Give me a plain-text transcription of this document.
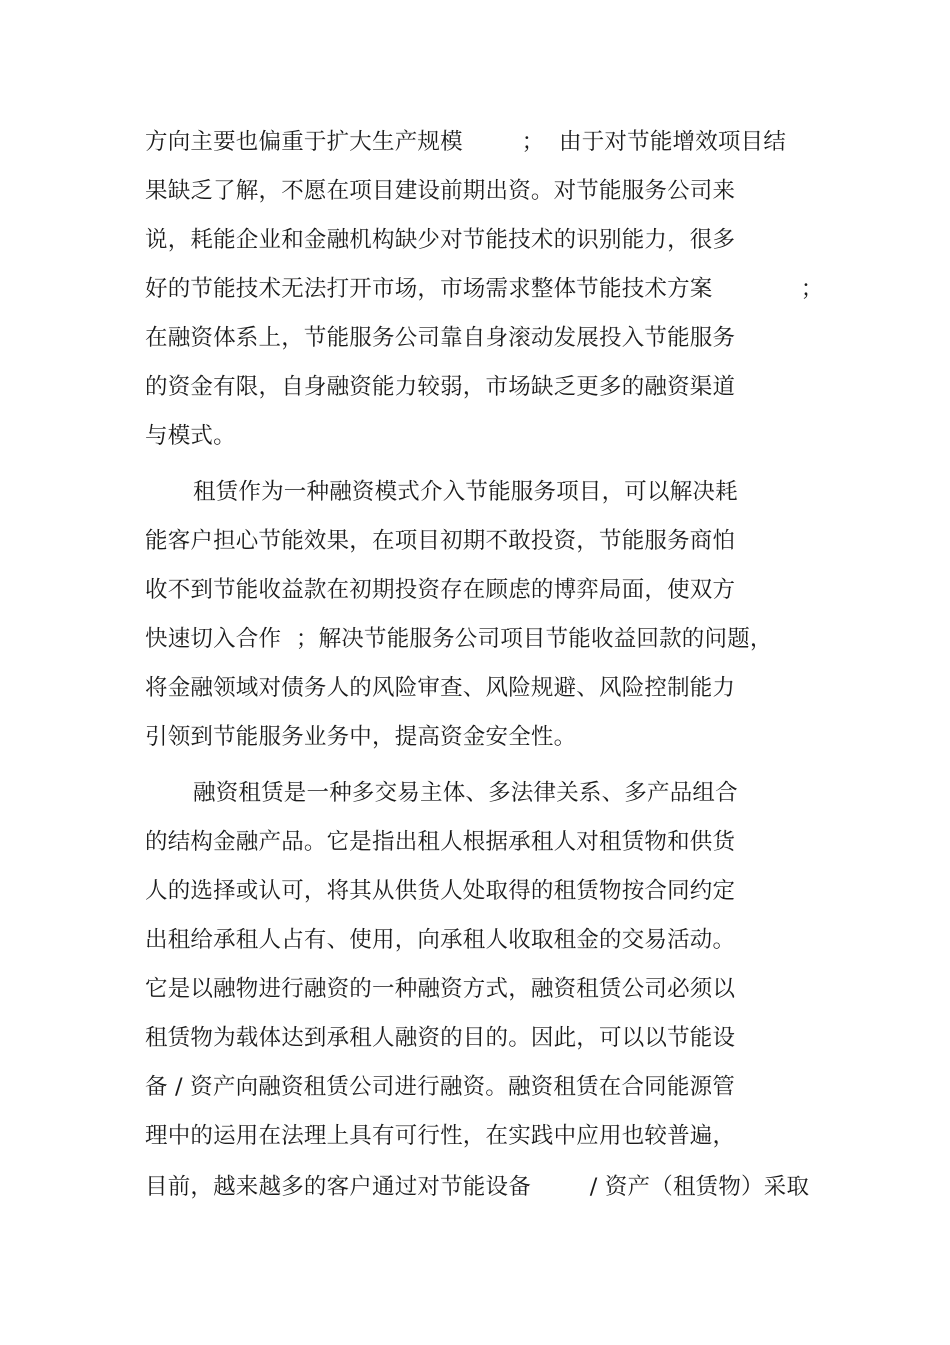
方向主要也偏重于扩大生产规模        ；  由于对节能增效项目结
果缺乏了解，不愿在项目建设前期出资。对节能服务公司来
说，耗能企业和金融机构缺少对节能技术的识别能力，很多
好的节能技术无法打开市场，市场需求整体节能技术方案            ；
在融资体系上，节能服务公司靠自身滚动发展投入节能服务
的资金有限，自身融资能力较弱，市场缺乏更多的融资渠道
与模式。
租赁作为一种融资模式介入节能服务项目，可以解决耗
能客户担心节能效果，在项目初期不敢投资，节能服务商怕
收不到节能收益款在初期投资存在顾虑的博弈局面，使双方
快速切入合作  ；解决节能服务公司项目节能收益回款的问题，
将金融领域对债务人的风险审查、风险规避、风险控制能力
引领到节能服务业务中，提高资金安全性。
融资租赁是一种多交易主体、多法律关系、多产品组合
的结构金融产品。它是指出租人根据承租人对租赁物和供货
人的选择或认可，将其从供货人处取得的租赁物按合同约定
出租给承租人占有、使用，向承租人收取租金的交易活动。
它是以融物进行融资的一种融资方式，融资租赁公司必须以
租赁物为载体达到承租人融资的目的。因此，可以以节能设
备 / 资产向融资租赁公司进行融资。融资租赁在合同能源管
理中的运用在法理上具有可行性，在实践中应用也较普遍，
目前，越来越多的客户通过对节能设备        / 资产（租赁物）采取
